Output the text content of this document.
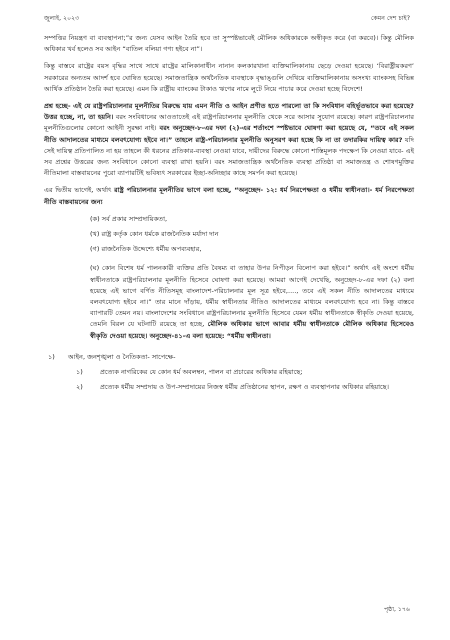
জুলাই, ২০২৩	কেমন দেশ চাই?

সম্পত্তির নিয়ন্ত্রণ বা ব্যবস্থাপনা;”র জন্য যেসব আইন তৈরি হবে তা সুস্পষ্টভাবেই মৌলিক অধিকারকে অস্বীকৃত করে (বা করবে)। কিন্তু মৌলিক অধিকার খর্ব হলেও সব আইন “বাতিল বলিয়া গণ্য হইবে না”।

কিন্তু বাস্তবে রাষ্ট্রের বয়স বৃদ্ধির সাথে সাথে রাষ্ট্রের মালিকানাধীন নানান কলকারখানা ব্যক্তিমালিকানায় ছেড়ে দেওয়া হয়েছে। ‘বিরাষ্ট্রীয়করণ’ সরকারের অন্যতম আদর্শ হবে ঘোষিত হয়েছে। সমাজতান্ত্রিক অর্থনৈতিক ব্যবস্থাকে বৃদ্ধাঙ্গুলি দেখিয়ে ব্যক্তিমালিকানায় অসংখ্য ব্যাংকসহ বিভিন্ন আর্থিক প্রতিষ্ঠান তৈরি করা হয়েছে। এমন কি রাষ্ট্রীয় ব্যাংকের টাকাও ঋণের নামে লুটে নিয়ে পাচার করে দেওয়া হচ্ছে বিদেশে!

প্রশ্ন হচ্ছে- এই যে রাষ্ট্রপরিচালনার মূলনীতির বিরুদ্ধে যায় এমন নীতি ও আইন প্রণীত হতে পারলো তা কি সংবিধান বহির্ভূতভাবে করা হয়েছে? উত্তর হচ্ছে, না, তা হয়নি। বরং সংবিধানের আওতাতেই এই রাষ্ট্রপরিচালনার মূলনীতি থেকে সরে আসার সুযোগ রয়েছে। কারণ রাষ্ট্রপরিচালনার মূলনীতিগুলোর কোনো আইনী সুরক্ষা নাই। বরং অনুচ্ছেদ-৮-এর দফা (২)-এর শর্তাংশে স্পষ্টভাবে ঘোষণা করা হয়েছে যে, “তবে এই সকল নীতি আদালতের মাধ্যমে বলবৎযোগ্য হইবে না।” তাহলে রাষ্ট্র-পরিচালনার মূলনীতি অনুসরণ করা হচ্ছে কি না তা তদারকির দায়িত্ব কার? যদি সেই দায়িত্ব প্রতিপালিত না হয় তাহলে কী ধরনের প্রতিকার-ব্যবস্থা নেওয়া যাবে, দায়ীদের বিরুদ্ধে কোনো শাস্তিমূলক পদক্ষেপ কি নেওয়া যাবে- এই সব প্রশ্নের উত্তরের জন্য সংবিধানে কোনো ব্যবস্থা রাখা হয়নি। বরং সমাজতান্ত্রিক অর্থনৈতিক ব্যবস্থা প্রতিষ্ঠা বা সমাজতন্ত্র ও শোষণমুক্তির নীতিমালা বাস্তবায়নের পুরো ব্যাপারটিই ভবিষ্যৎ সরকারের ইচ্ছা-অনিচ্ছার কাছে সমর্পন করা হয়েছে।

এর দ্বিতীয় ভাগেই, অর্থাৎ রাষ্ট্র পরিচালনার মূলনীতির ভাগে বলা হচ্ছে, “অনুচ্ছেদ- ১২: ধর্ম নিরপেক্ষতা ও ধর্মীয় স্বাধীনতা।- ধর্ম নিরপেক্ষতা নীতি বাস্তবায়নের জন্য

(ক) সর্ব প্রকার সাম্প্রদায়িকতা,
(খ) রাষ্ট্র কর্তৃক কোন ধর্মকে রাজনৈতিক মর্যাদা দান
(গ) রাজনৈতিক উদ্দেশ্যে ধর্মীয় অপব্যবহার,

(ঘ) কোন বিশেষ ধর্ম পালনকারী ব্যক্তির প্রতি বৈষম্য বা তাহার উপর নিপীড়ন বিলোপ করা হইবে।” অর্থাৎ এই অংশে ধর্মীয় স্বাধীনতাকে রাষ্ট্রপরিচালনার মূলনীতি হিসেবে ঘোষণা করা হয়েছে। আমরা আগেই দেখেছি, অনুচ্ছেদ-৮-এর দফা (২) বলা হয়েছে এই ভাগে বর্ণিত নীতিসমূহ বাংলাদেশ-পরিচালনার মূল সূত্র হইবে,...., তবে এই সকল নীতি আদালতের মাধ্যমে বলবৎযোগ্য হইবে না।” তার মানে দাঁড়ায়, ধর্মীয় স্বাধীনতার নীতিও আদালতের মাধ্যমে বলবৎযোগ্য হবে না। কিন্তু বাস্তবে ব্যাপারটি তেমন নয়। বাংলাদেশের সংবিধানে রাষ্ট্রপরিচালনার মূলনীতি হিসেবে যেমন ধর্মীয় স্বাধীনতাকে স্বীকৃতি দেওয়া হয়েছে, তেমনি বিরল যে ঘটনাটি রয়েছে তা হচ্ছে, মৌলিক অধিকার ভাগে আবার ধর্মীয় স্বাধীনতাকে মৌলিক অধিকার হিসেবেও স্বীকৃতি দেওয়া হয়েছে। অনুচ্ছেদ-৪১-এ বলা হয়েছে: “ধর্মীয় স্বাধীনতা।

১)	আইন, জনশৃঙ্খলা ও নৈতিকতা- সাপেক্ষে-
১)	প্রত্যেক নাগরিকের যে কোন ধর্ম অবলম্বন, পালন বা প্রচারের অধিকার রহিয়াছে;
২)	প্রত্যেক ধর্মীয় সম্প্রদায় ও উপ-সম্প্রদায়ের নিজস্ব ধর্মীয় প্রতিষ্ঠানের স্থাপন, রক্ষণ ও ব্যবস্থাপনার অধিকার রহিয়াছে।
পৃষ্ঠা, ১৭৬
